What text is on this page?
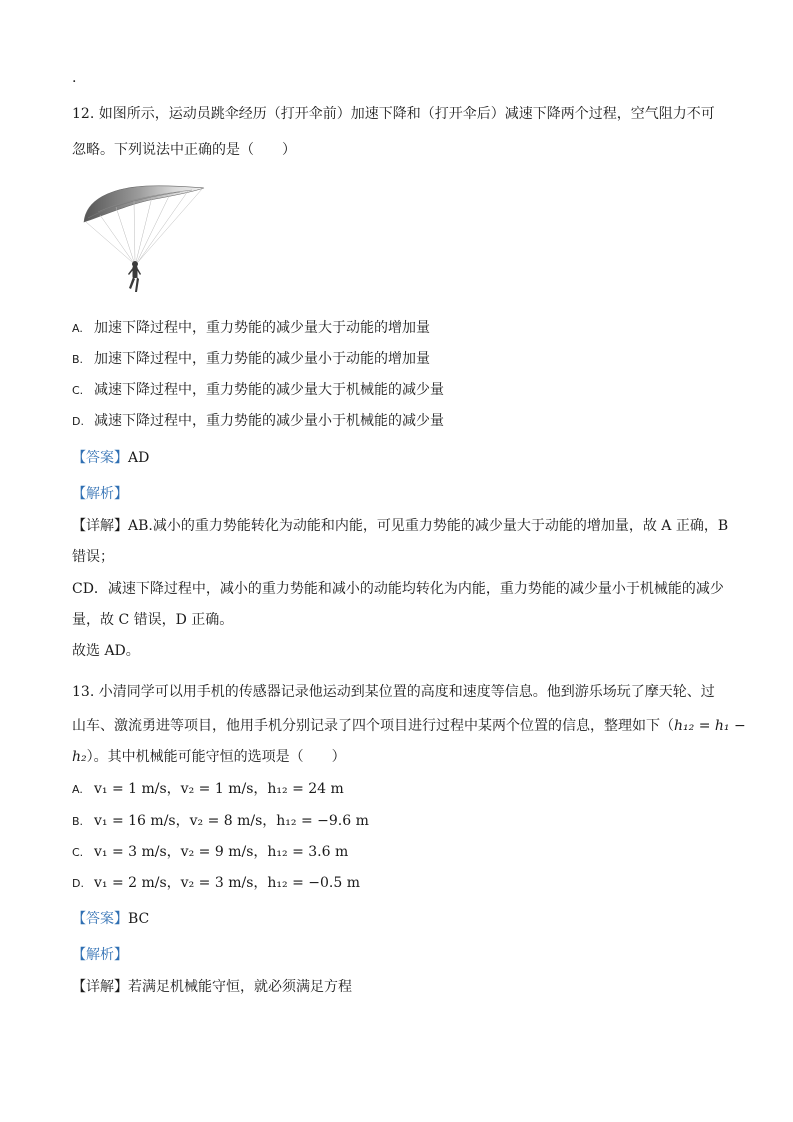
.
12. 如图所示，运动员跳伞经历（打开伞前）加速下降和（打开伞后）减速下降两个过程，空气阻力不可
忽略。下列说法中正确的是（　　）
A. 加速下降过程中，重力势能的减少量大于动能的增加量
B. 加速下降过程中，重力势能的减少量小于动能的增加量
C. 减速下降过程中，重力势能的减少量大于机械能的减少量
D. 减速下降过程中，重力势能的减少量小于机械能的减少量
【答案】AD
【解析】
【详解】AB.减小的重力势能转化为动能和内能，可见重力势能的减少量大于动能的增加量，故 A 正确，B
错误；
CD．减速下降过程中，减小的重力势能和减小的动能均转化为内能，重力势能的减少量小于机械能的减少
量，故 C 错误，D 正确。
故选 AD。
13. 小清同学可以用手机的传感器记录他运动到某位置的高度和速度等信息。他到游乐场玩了摩天轮、过
山车、激流勇进等项目，他用手机分别记录了四个项目进行过程中某两个位置的信息，整理如下（h₁₂ = h₁ −
h₂）。其中机械能可能守恒的选项是（　　）
A. v₁ = 1 m/s，v₂ = 1 m/s，h₁₂ = 24 m
B. v₁ = 16 m/s，v₂ = 8 m/s，h₁₂ = −9.6 m
C. v₁ = 3 m/s，v₂ = 9 m/s，h₁₂ = 3.6 m
D. v₁ = 2 m/s，v₂ = 3 m/s，h₁₂ = −0.5 m
【答案】BC
【解析】
【详解】若满足机械能守恒，就必须满足方程
